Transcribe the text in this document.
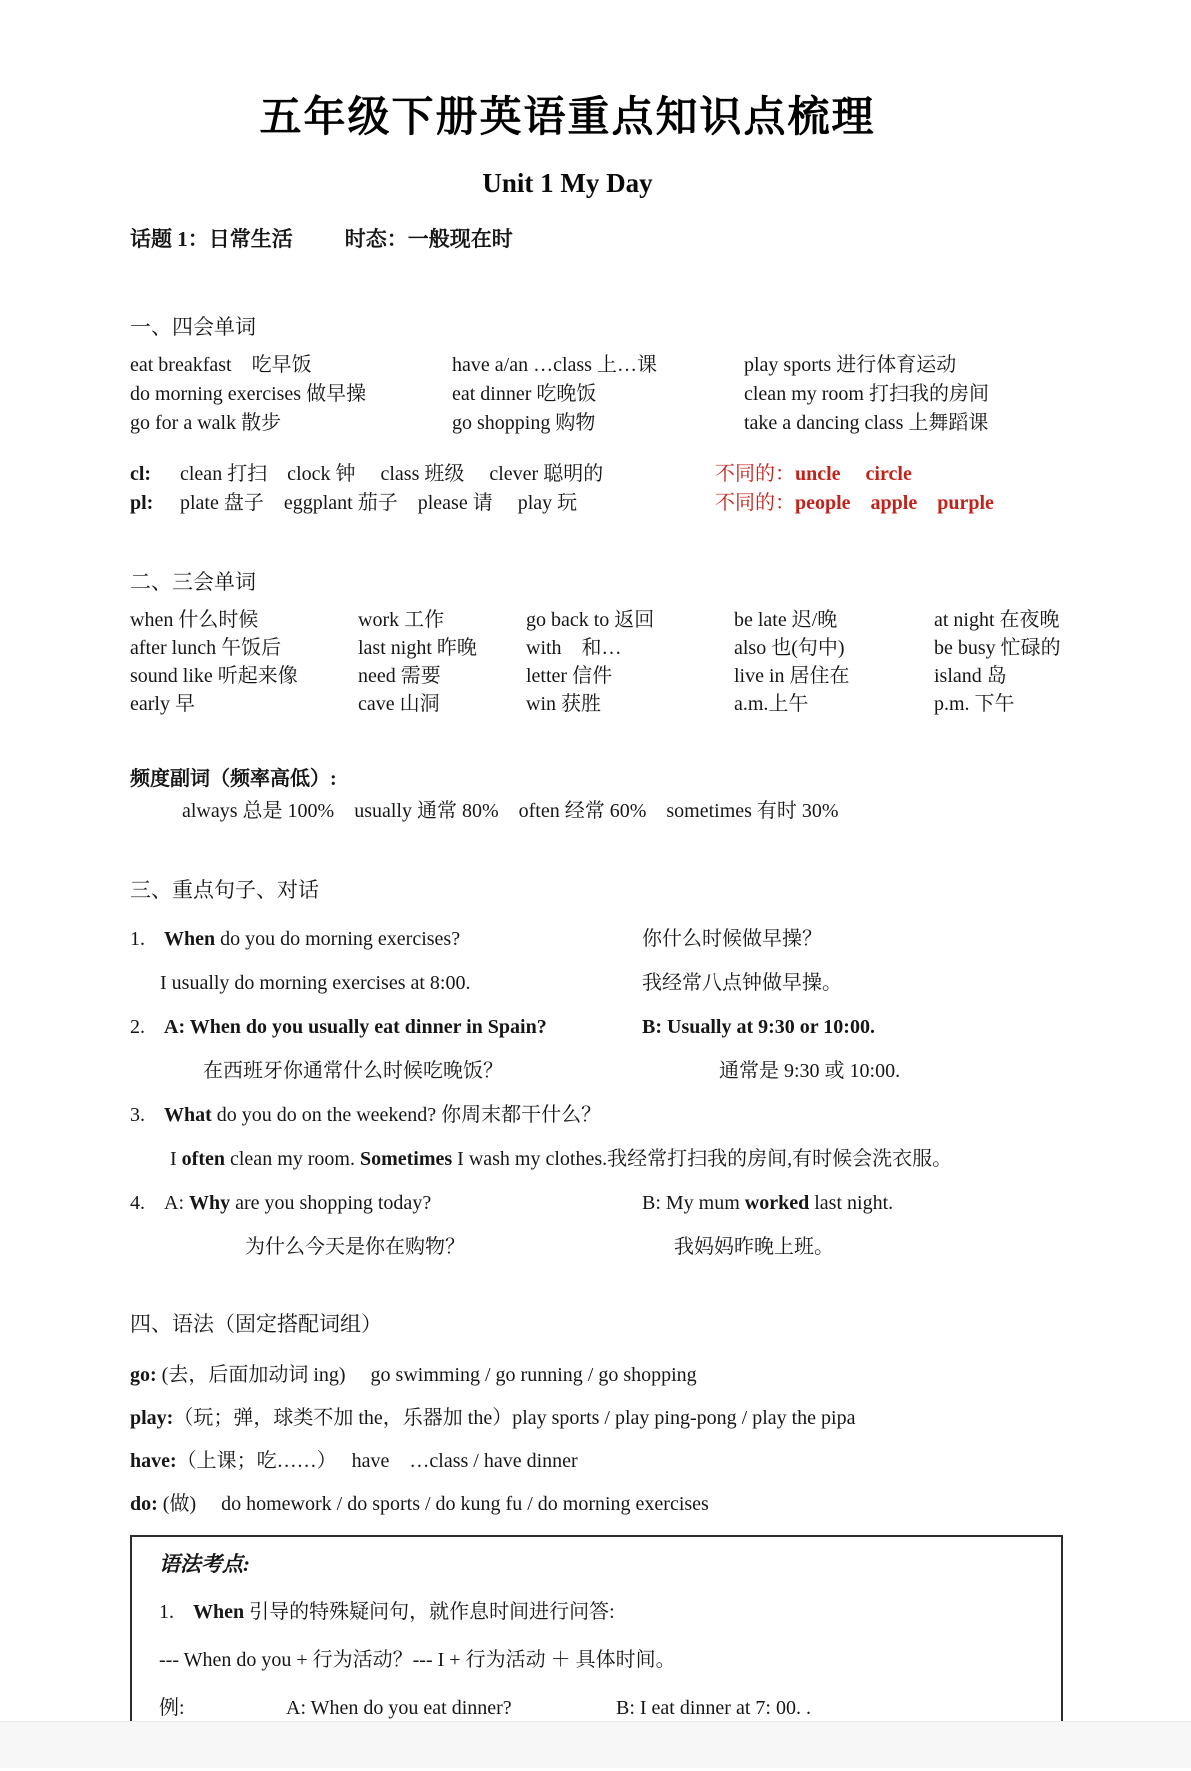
五年级下册英语重点知识点梳理
Unit 1 My Day
话题 1：日常生活 时态：一般现在时
一、四会单词
eat breakfast　吃早饭	have a/an …class 上…课	play sports 进行体育运动
do morning exercises 做早操	eat dinner 吃晚饭	clean my room 打扫我的房间
go for a walk 散步	go shopping 购物	take a dancing class 上舞蹈课
cl:	clean 打扫　clock 钟　 class 班级　 clever 聪明的	不同的： uncle　 circle
pl:	plate 盘子　eggplant 茄子　please 请　 play 玩	不同的： people　apple　purple
二、三会单词
when 什么时候	work 工作	go back to 返回	be late 迟/晚	at night 在夜晚
after lunch 午饭后	last night 昨晚	with　和…	also 也(句中)	be busy 忙碌的
sound like 听起来像	need 需要	letter 信件	live in 居住在	island 岛
early 早	cave 山洞	win 获胜	a.m.上午	p.m. 下午
频度副词（频率高低）:
always 总是 100%　usually 通常 80%　often 经常 60%　sometimes 有时 30%
三、重点句子、对话
1. When do you do morning exercises?	你什么时候做早操？
I usually do morning exercises at 8:00.	我经常八点钟做早操。
2. A: When do you usually eat dinner in Spain?	B: Usually at 9:30 or 10:00.
在西班牙你通常什么时候吃晚饭？	通常是 9:30 或 10:00.
3. What do you do on the weekend? 你周末都干什么？
I often clean my room. Sometimes I wash my clothes.我经常打扫我的房间,有时候会洗衣服。
4. A: Why are you shopping today?	B: My mum worked last night.
为什么今天是你在购物？	我妈妈昨晚上班。
四、语法（固定搭配词组）
go: (去，后面加动词 ing)　 go swimming / go running / go shopping
play:（玩；弹，球类不加 the，乐器加 the）play sports / play ping-pong / play the pipa
have:（上课；吃……）　 have　…class / have dinner
do: (做)　 do homework / do sports / do kung fu / do morning exercises
语法考点:
1. When 引导的特殊疑问句，就作息时间进行问答:
--- When do you + 行为活动？--- I + 行为活动 ＋ 具体时间。
例:	A: When do you eat dinner?	B: I eat dinner at 7: 00. .
